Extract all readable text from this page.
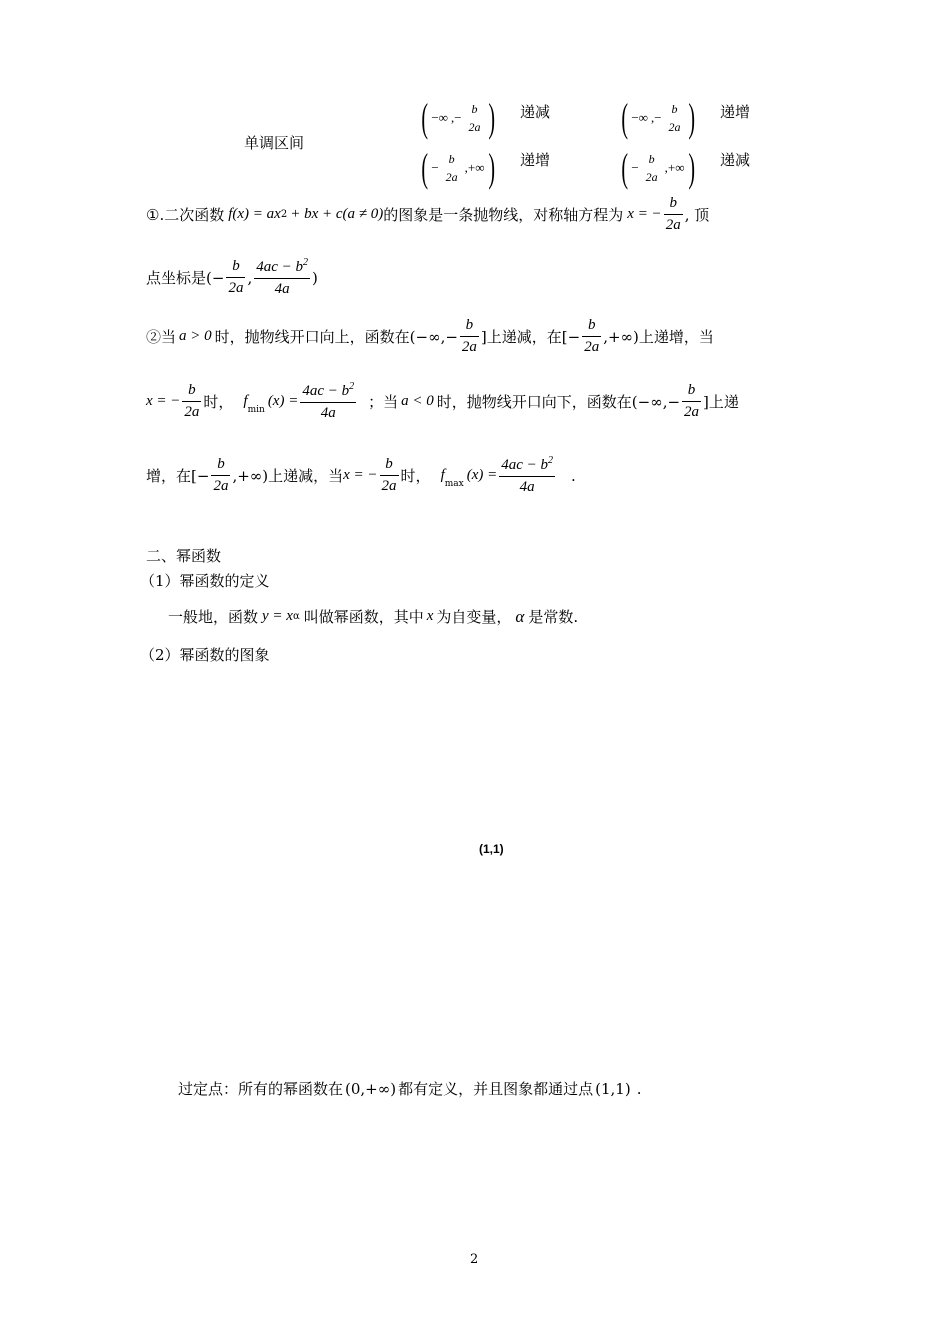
单调区间
( −∞ ,−
b
2a ) 递减 ( −∞ ,−
b
2a ) 递增
( −
b
2a
,+∞ ) 递增 ( −
b
2a
,+∞ ) 递减
①. 二次函数 f(x) = ax 2 + bx + c(a ≠ 0) 的图象是一条抛物线，对称轴方程为 x = − $\frac{b}{2a}$ , 顶
点坐标是 (− $\frac{b}{2a}$ , $\frac{4ac - b^2}{4a}$ )
②当 a > 0 时，抛物线开口向上，函数在 (−∞,− $\frac{b}{2a}$ ] 上递减，在 [− $\frac{b}{2a}$ ,+∞) 上递增，当
x = − $\frac{b}{2a}$ 时， f
$_{min}$
$(x) = \frac{4ac - b^2}{4a}$ ；当 a < 0 时，抛物线开口向下，函数在 (−∞,− $\frac{b}{2a}$ ] 上递
增，在 [− $\frac{b}{2a}$ ,+∞) 上递减，当 x = − $\frac{b}{2a}$ 时， f
$_{max}$
$(x) = \frac{4ac - b^2}{4a}$ .
二、幂函数
（1）幂函数的定义
一般地，函数 y = x α 叫做幂函数，其中 x 为自变量， α 是常数.
（2）幂函数的图象
(1,1)
过定点：所有的幂函数在 (0,+∞) 都有定义，并且图象都通过点 (1,1) .
2
